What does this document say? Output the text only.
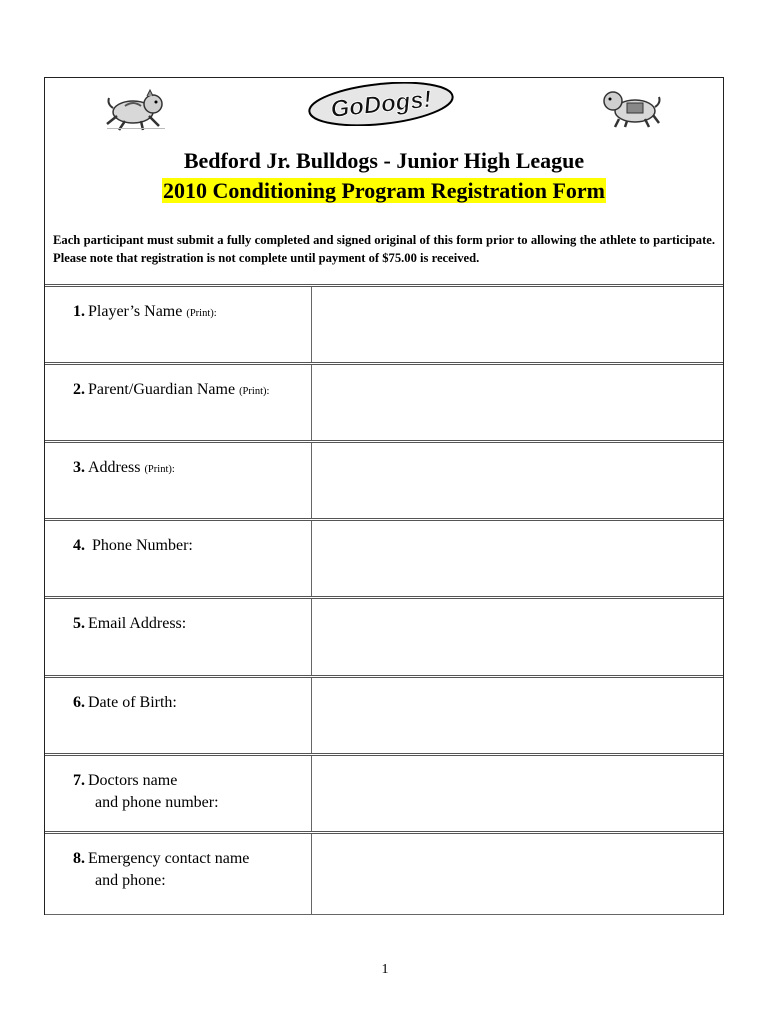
GoDogs!
Bedford Jr. Bulldogs - Junior High League
2010 Conditioning Program Registration Form
Each participant must submit a fully completed and signed original of this form prior to allowing the athlete to participate. Please note that registration is not complete until payment of $75.00 is received.
1. Player’s Name (Print):	

2. Parent/Guardian Name (Print):	

3. Address (Print):	

4. Phone Number:	

5. Email Address:	

6. Date of Birth:	

7. Doctors name
and phone number:	

8. Emergency contact name
and phone:	

1
